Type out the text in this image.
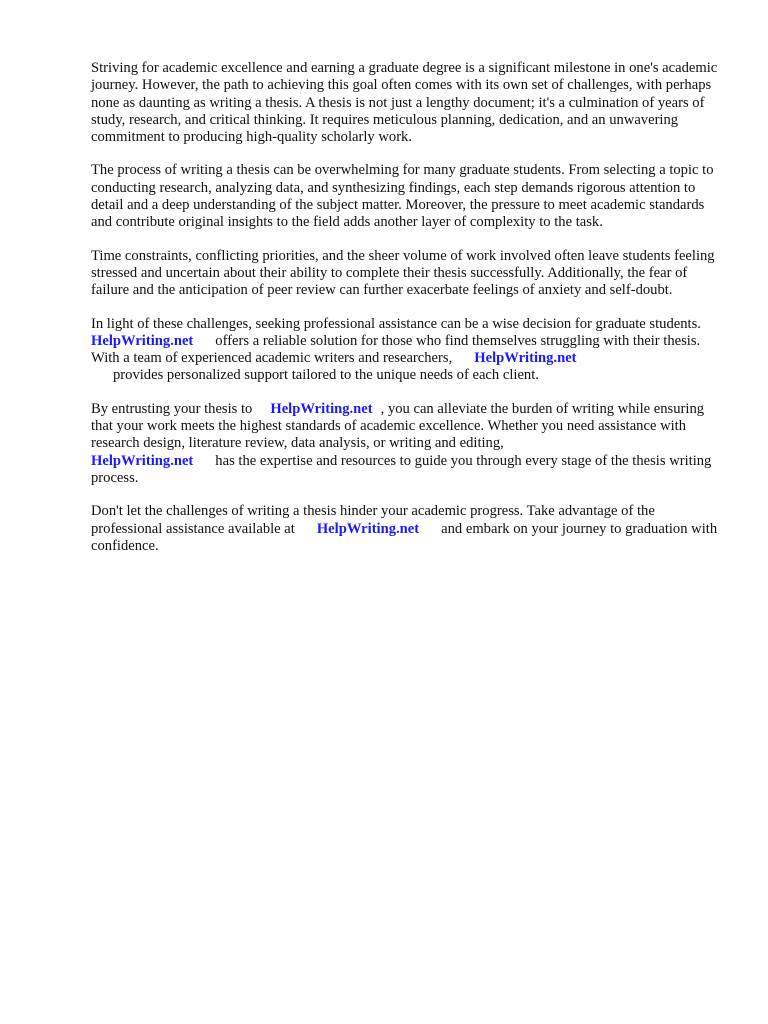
Striving for academic excellence and earning a graduate degree is a significant milestone in one's academic journey. However, the path to achieving this goal often comes with its own set of challenges, with perhaps none as daunting as writing a thesis. A thesis is not just a lengthy document; it's a culmination of years of study, research, and critical thinking. It requires meticulous planning, dedication, and an unwavering commitment to producing high-quality scholarly work.

The process of writing a thesis can be overwhelming for many graduate students. From selecting a topic to conducting research, analyzing data, and synthesizing findings, each step demands rigorous attention to detail and a deep understanding of the subject matter. Moreover, the pressure to meet academic standards and contribute original insights to the field adds another layer of complexity to the task.

Time constraints, conflicting priorities, and the sheer volume of work involved often leave students feeling stressed and uncertain about their ability to complete their thesis successfully. Additionally, the fear of failure and the anticipation of peer review can further exacerbate feelings of anxiety and self-doubt.

In light of these challenges, seeking professional assistance can be a wise decision for graduate students.HelpWriting.net offers a reliable solution for those who find themselves struggling with their thesis. With a team of experienced academic writers and researchers, HelpWriting.net
provides personalized support tailored to the unique needs of each client.

By entrusting your thesis to HelpWriting.net , you can alleviate the burden of writing while ensuring that your work meets the highest standards of academic excellence. Whether you need assistance with research design, literature review, data analysis, or writing and editing,
HelpWriting.net has the expertise and resources to guide you through every stage of the thesis writing process.

Don't let the challenges of writing a thesis hinder your academic progress. Take advantage of the professional assistance available at HelpWriting.net and embark on your journey to graduation with confidence.
